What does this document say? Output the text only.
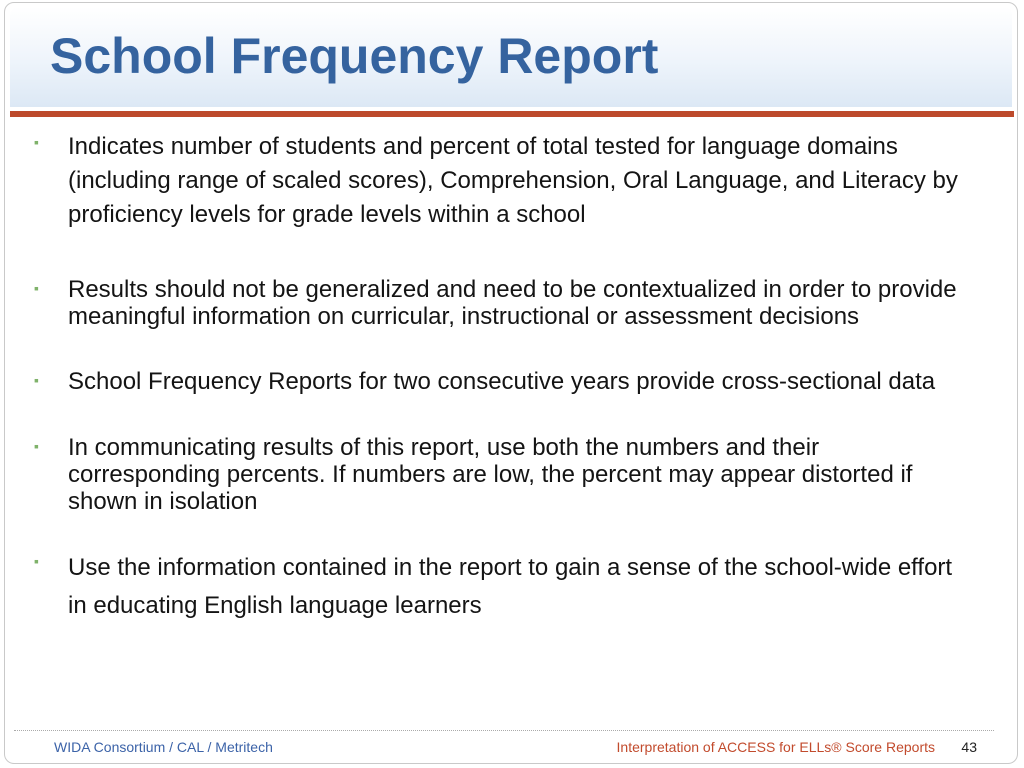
School Frequency Report
▪ Indicates number of students and percent of total tested for language domains (including range of scaled scores), Comprehension, Oral Language, and Literacy by proficiency levels for grade levels within a school
▪ Results should not be generalized and need to be contextualized in order to provide meaningful information on curricular, instructional or assessment decisions
▪ School Frequency Reports for two consecutive years provide cross-sectional data
▪ In communicating results of this report, use both the numbers and their corresponding percents. If numbers are low, the percent may appear distorted if shown in isolation
▪ Use the information contained in the report to gain a sense of the school-wide effort in educating English language learners
WIDA Consortium / CAL / Metritech	Interpretation of ACCESS for ELLs® Score Reports 43
